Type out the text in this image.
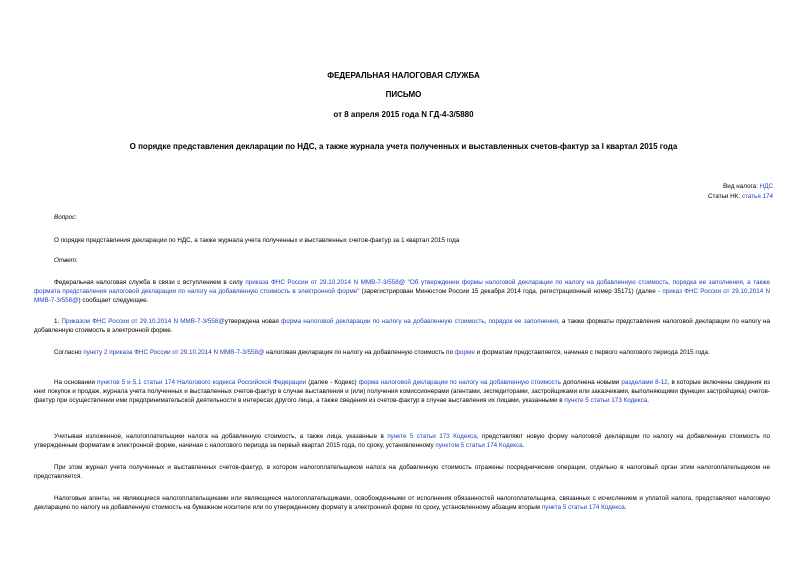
ФЕДЕРАЛЬНАЯ НАЛОГОВАЯ СЛУЖБА
ПИСЬМО
от 8 апреля 2015 года N ГД-4-3/5880
О порядке представления декларации по НДС, а также журнала учета полученных и выставленных счетов-фактур за I квартал 2015 года
Вид налога: НДС
Статьи НК: статья 174
Вопрос:
О порядке представления декларации по НДС, а также журнала учета полученных и выставленных счетов-фактур за 1 квартал 2015 года
Ответ:
Федеральная налоговая служба в связи с вступлением в силу приказа ФНС России от 29.10.2014 N ММВ-7-3/558@ "Об утверждении формы налоговой декларации по налогу на добавленную стоимость, порядка ее заполнения, а также формата представления налоговой декларации по налогу на добавленную стоимость в электронной форме" (зарегистрирован Минюстом России 15 декабря 2014 года, регистрационный номер 35171) (далее - приказ ФНС России от 29.10.2014 N ММВ-7-3/558@) сообщает следующее.
1. Приказом ФНС России от 29.10.2014 N ММВ-7-3/558@утверждена новая форма налоговой декларации по налогу на добавленную стоимость, порядок ее заполнения, а также форматы представления налоговой декларации по налогу на добавленную стоимость в электронной форме.
Согласно пункту 2 приказа ФНС России от 29.10.2014 N ММВ-7-3/558@ налоговая декларация по налогу на добавленную стоимость по форме и форматам представляется, начиная с первого налогового периода 2015 года.
На основании пунктов 5 и 5.1 статьи 174 Налогового кодекса Российской Федерации (далее - Кодекс) форма налоговой декларации по налогу на добавленную стоимость дополнена новыми разделами 8-12, в которые включены сведения из книг покупок и продаж, журнала учета полученных и выставленных счетов-фактур в случае выставления и (или) получения комиссионерами (агентами, экспедиторами, застройщиками или заказчиками, выполняющими функции застройщика) счетов-фактур при осуществлении ими предпринимательской деятельности в интересах другого лица, а также сведения из счетов-фактур в случае выставления их лицами, указанными в пункте 5 статьи 173 Кодекса.
Учитывая изложенное, налогоплательщики налога на добавленную стоимость, а также лица, указанные в пункте 5 статьи 173 Кодекса, представляют новую форму налоговой декларации по налогу на добавленную стоимость по утвержденным форматам в электронной форме, начиная с налогового периода за первый квартал 2015 года, по сроку, установленному пунктом 5 статьи 174 Кодекса.
При этом журнал учета полученных и выставленных счетов-фактур, в котором налогоплательщиком налога на добавленную стоимость отражены посреднические операции, отдельно в налоговый орган этим налогоплательщиком не представляется.
Налоговые агенты, не являющиеся налогоплательщиками или являющиеся налогоплательщиками, освобожденными от исполнения обязанностей налогоплательщика, связанных с исчислением и уплатой налога, представляют налоговую декларацию по налогу на добавленную стоимость на бумажном носителе или по утвержденному формату в электронной форме по сроку, установленному абзацем вторым пункта 5 статьи 174 Кодекса.
